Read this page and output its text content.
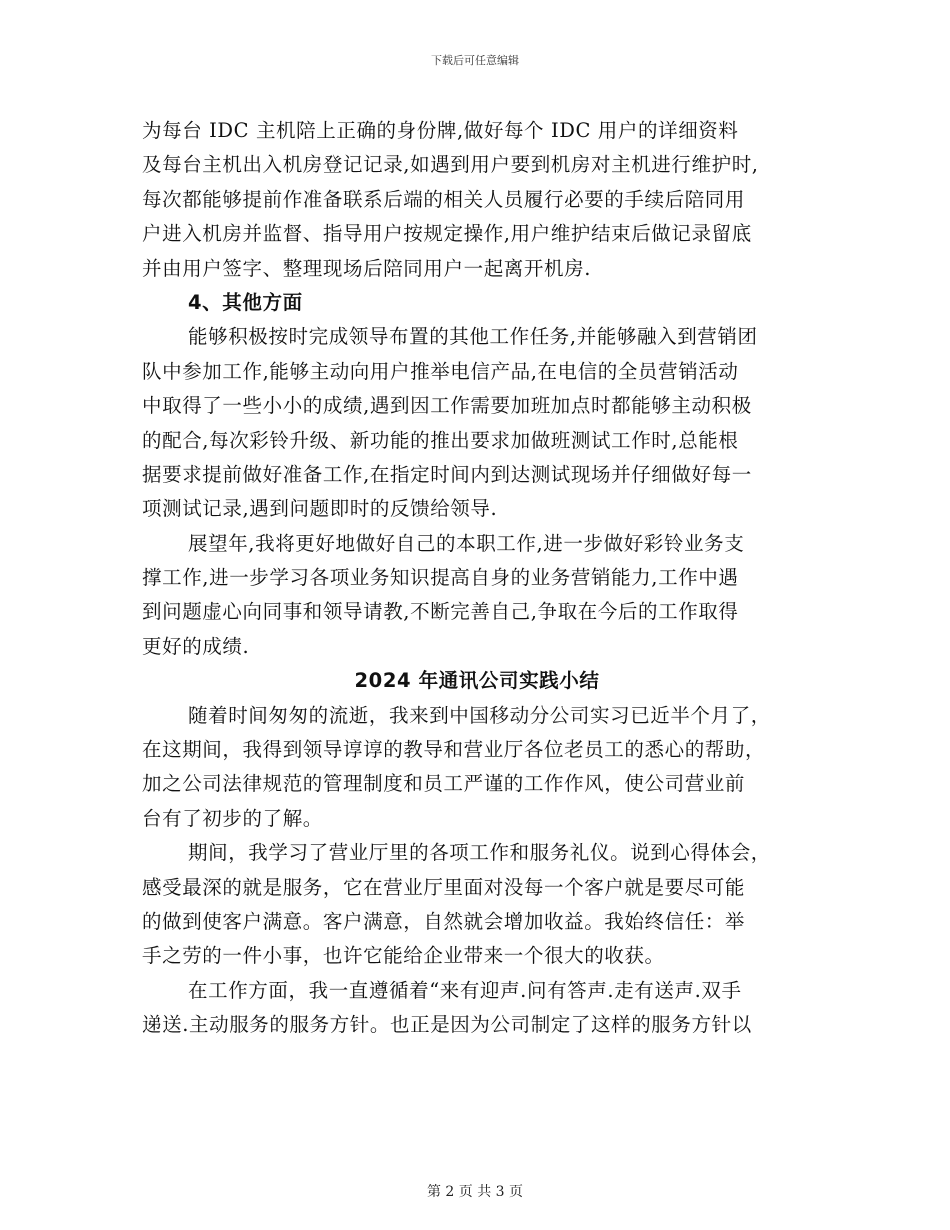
下载后可任意编辑
为每台 IDC 主机陪上正确的身份牌,做好每个 IDC 用户的详细资料
及每台主机出入机房登记记录,如遇到用户要到机房对主机进行维护时,
每次都能够提前作准备联系后端的相关人员履行必要的手续后陪同用
户进入机房并监督、指导用户按规定操作,用户维护结束后做记录留底
并由用户签字、整理现场后陪同用户一起离开机房.
4、其他方面
能够积极按时完成领导布置的其他工作任务,并能够融入到营销团
队中参加工作,能够主动向用户推举电信产品,在电信的全员营销活动
中取得了一些小小的成绩,遇到因工作需要加班加点时都能够主动积极
的配合,每次彩铃升级、新功能的推出要求加做班测试工作时,总能根
据要求提前做好准备工作,在指定时间内到达测试现场并仔细做好每一
项测试记录,遇到问题即时的反馈给领导.
展望年,我将更好地做好自己的本职工作,进一步做好彩铃业务支
撑工作,进一步学习各项业务知识提高自身的业务营销能力,工作中遇
到问题虚心向同事和领导请教,不断完善自己,争取在今后的工作取得
更好的成绩.
2024 年通讯公司实践小结
随着时间匆匆的流逝，我来到中国移动分公司实习已近半个月了，
在这期间，我得到领导谆谆的教导和营业厅各位老员工的悉心的帮助，
加之公司法律规范的管理制度和员工严谨的工作作风，使公司营业前
台有了初步的了解。
期间，我学习了营业厅里的各项工作和服务礼仪。说到心得体会，
感受最深的就是服务，它在营业厅里面对没每一个客户就是要尽可能
的做到使客户满意。客户满意，自然就会增加收益。我始终信任：举
手之劳的一件小事，也许它能给企业带来一个很大的收获。
在工作方面，我一直遵循着“来有迎声.问有答声.走有送声.双手
递送.主动服务的服务方针。也正是因为公司制定了这样的服务方针以
第 2 页 共 3 页
